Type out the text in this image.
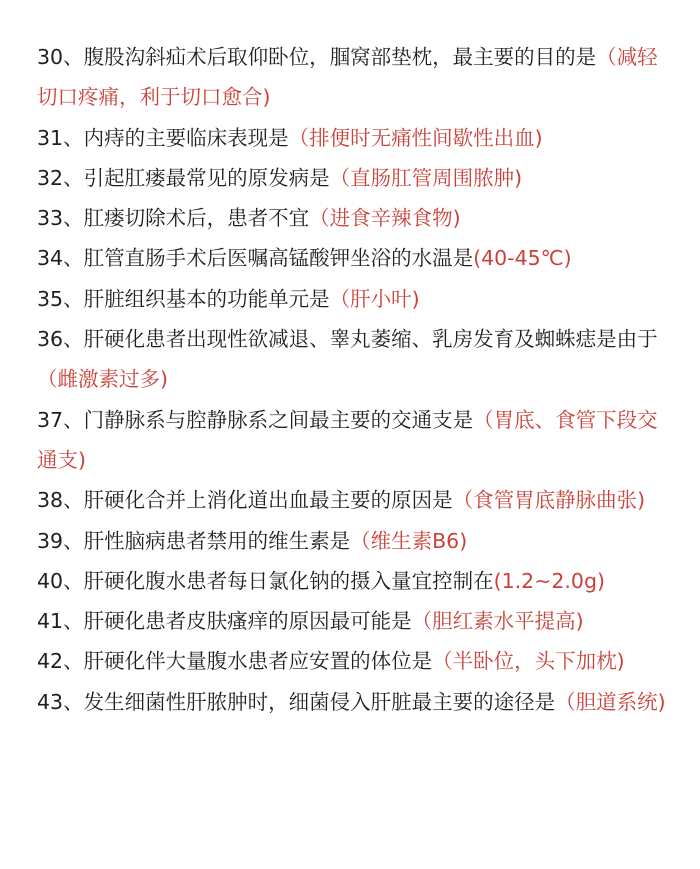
30、腹股沟斜疝术后取仰卧位，腘窝部垫枕，最主要的目的是（减轻切口疼痛，利于切口愈合)

31、内痔的主要临床表现是（排便时无痛性间歇性出血)

32、引起肛瘘最常见的原发病是（直肠肛管周围脓肿)

33、肛瘘切除术后，患者不宜（进食辛辣食物)

34、肛管直肠手术后医嘱高锰酸钾坐浴的水温是(40-45℃)

35、肝脏组织基本的功能单元是（肝小叶)

36、肝硬化患者出现性欲减退、睾丸萎缩、乳房发育及蜘蛛痣是由于（雌激素过多)

37、门静脉系与腔静脉系之间最主要的交通支是（胃底、食管下段交通支)

38、肝硬化合并上消化道出血最主要的原因是（食管胃底静脉曲张)

39、肝性脑病患者禁用的维生素是（维生素B6)

40、肝硬化腹水患者每日氯化钠的摄入量宜控制在(1.2~2.0g)

41、肝硬化患者皮肤瘙痒的原因最可能是（胆红素水平提高)

42、肝硬化伴大量腹水患者应安置的体位是（半卧位，头下加枕)

43、发生细菌性肝脓肿时，细菌侵入肝脏最主要的途径是（胆道系统)
